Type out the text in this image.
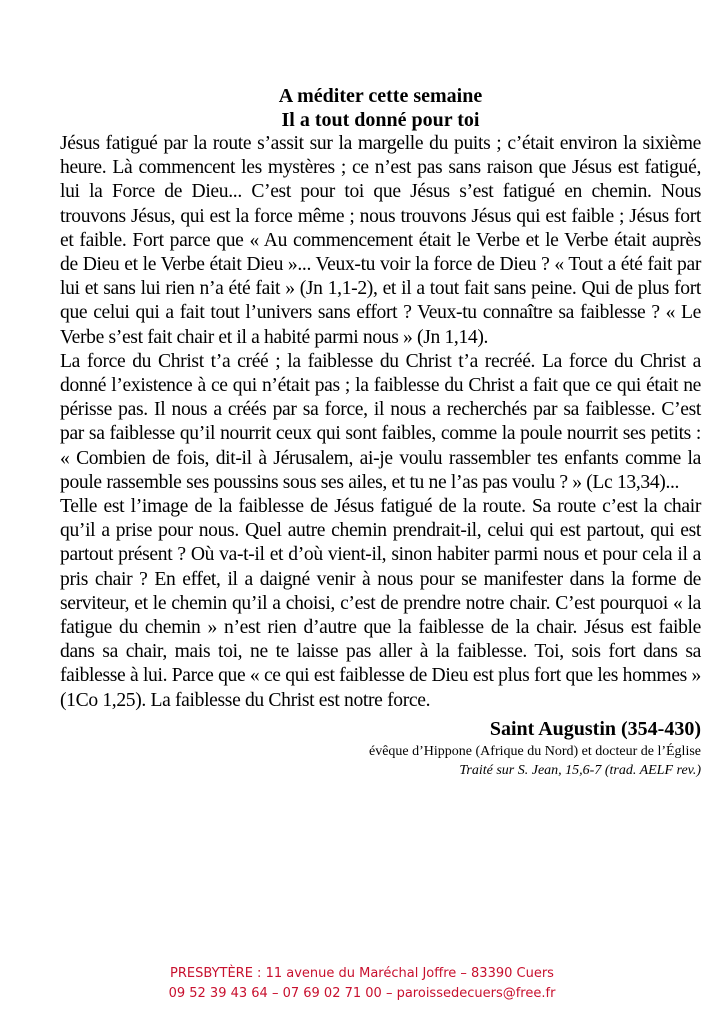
A méditer cette semaine
Il a tout donné pour toi

Jésus fatigué par la route s’assit sur la margelle du puits ; c’était environ la sixième heure. Là commencent les mystères ; ce n’est pas sans raison que Jésus est fatigué, lui la Force de Dieu... C’est pour toi que Jésus s’est fatigué en chemin. Nous trouvons Jésus, qui est la force même ; nous trouvons Jésus qui est faible ; Jésus fort et faible. Fort parce que « Au commencement était le Verbe et le Verbe était auprès de Dieu et le Verbe était Dieu »... Veux-tu voir la force de Dieu ? « Tout a été fait par lui et sans lui rien n’a été fait » (Jn 1,1-2), et il a tout fait sans peine. Qui de plus fort que celui qui a fait tout l’univers sans effort ? Veux-tu connaître sa faiblesse ? « Le Verbe s’est fait chair et il a habité parmi nous » (Jn 1,14).

La force du Christ t’a créé ; la faiblesse du Christ t’a recréé. La force du Christ a donné l’existence à ce qui n’était pas ; la faiblesse du Christ a fait que ce qui était ne périsse pas. Il nous a créés par sa force, il nous a recherchés par sa faiblesse. C’est par sa faiblesse qu’il nourrit ceux qui sont faibles, comme la poule nourrit ses petits : « Combien de fois, dit-il à Jérusalem, ai-je voulu rassembler tes enfants comme la poule rassemble ses poussins sous ses ailes, et tu ne l’as pas voulu ? » (Lc 13,34)...

Telle est l’image de la faiblesse de Jésus fatigué de la route. Sa route c’est la chair qu’il a prise pour nous. Quel autre chemin prendrait-il, celui qui est partout, qui est partout présent ? Où va-t-il et d’où vient-il, sinon habiter parmi nous et pour cela il a pris chair ? En effet, il a daigné venir à nous pour se manifester dans la forme de serviteur, et le chemin qu’il a choisi, c’est de prendre notre chair. C’est pourquoi « la fatigue du chemin » n’est rien d’autre que la faiblesse de la chair. Jésus est faible dans sa chair, mais toi, ne te laisse pas aller à la faiblesse. Toi, sois fort dans sa faiblesse à lui. Parce que « ce qui est faiblesse de Dieu est plus fort que les hommes » (1Co 1,25). La faiblesse du Christ est notre force.

Saint Augustin (354-430)
évêque d’Hippone (Afrique du Nord) et docteur de l’Église
Traité sur S. Jean, 15,6-7 (trad. AELF rev.)
PRESBYTÈRE : 11 avenue du Maréchal Joffre – 83390 Cuers
09 52 39 43 64 – 07 69 02 71 00 – paroissedecuers@free.fr
